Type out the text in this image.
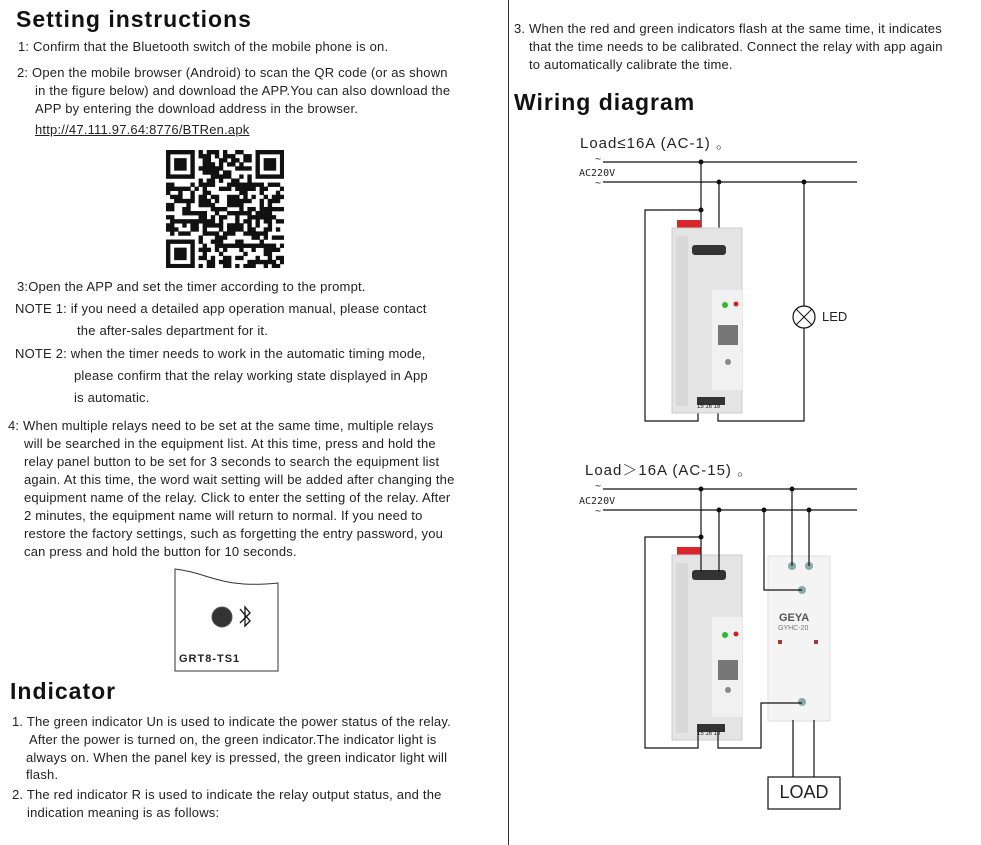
Setting instructions
1: Confirm that the Bluetooth switch of the mobile phone is on.
2: Open the mobile browser (Android) to scan the QR code (or as shown
in the figure below) and download the APP.You can also download the
APP by entering the download address in the browser.
http://47.111.97.64:8776/BTRen.apk
3:Open the APP and set the timer according to the prompt.
NOTE 1: if you need a detailed app operation manual, please contact
the after-sales department for it.
NOTE 2: when the timer needs to work in the automatic timing mode,
please confirm that the relay working state displayed in App
is automatic.
4: When multiple relays need to be set at the same time, multiple relays
will be searched in the equipment list. At this time, press and hold the
relay panel button to be set for 3 seconds to search the equipment list
again. At this time, the word wait setting will be added after changing the
equipment name of the relay. Click to enter the setting of the relay. After
2 minutes, the equipment name will return to normal. If you need to
restore the factory settings, such as forgetting the entry password, you
can press and hold the button for 10 seconds.
GRT8-TS1
Indicator
1. The green indicator Un is used to indicate the power status of the relay.
After the power is turned on, the green indicator.The indicator light is
always on. When the panel key is pressed, the green indicator light will
flash.
2. The red indicator R is used to indicate the relay output status, and the
indication meaning is as follows:
3. When the red and green indicators flash at the same time, it indicates
that the time needs to be calibrated. Connect the relay with app again
to automatically calibrate the time.
Wiring diagram
Load≤16A (AC-1) 。
~
AC220V
~
LED
15 16 18
Load＞16A (AC-15) 。
~
AC220V
~
GEYA
GYHC-20
15 16 18
LOAD
